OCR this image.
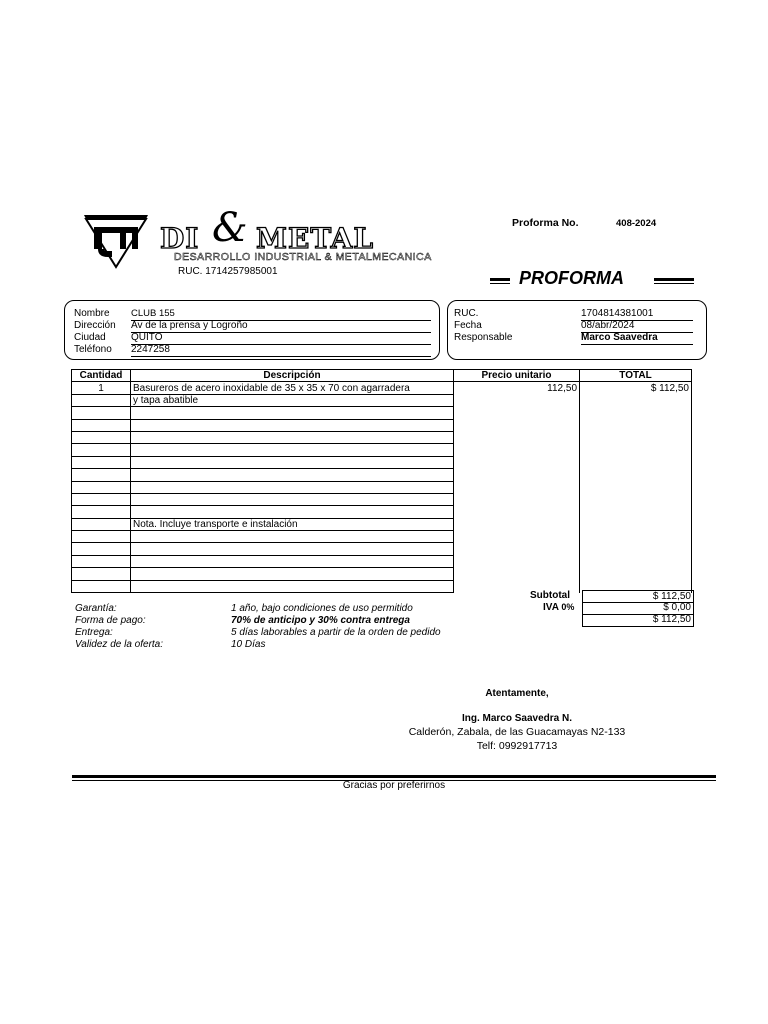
DI & METAL
DESARROLLO INDUSTRIAL & METALMECANICA
RUC. 1714257985001
Proforma No.	408-2024
PROFORMA
Nombre CLUB 155
Dirección Av de la prensa y Logroño
Ciudad	QUITO
Teléfono 2247258
RUC.	1704814381001
Fecha	08/abr/2024
Responsable	Marco Saavedra
Cantidad	Descripción	Precio unitario	TOTAL
1	Basureros de acero inoxidable de 35 x 35 x 70 con agarradera	112,50	$ 112,50
	y tapa abatible		

	Nota. Incluye transporte e instalación		

Subtotal	$ 112,50
IVA 0%	$ 0,00
$ 112,50
Garantía:	1 año, bajo condiciones de uso permitido
Forma de pago:	70% de anticipo y 30% contra entrega
Entrega:	5 días laborables a partir de la orden de pedido
Validez de la oferta:	10 Días
Atentamente,
Ing. Marco Saavedra N.
Calderón, Zabala, de las Guacamayas N2-133
Telf: 0992917713
Gracias por preferirnos
